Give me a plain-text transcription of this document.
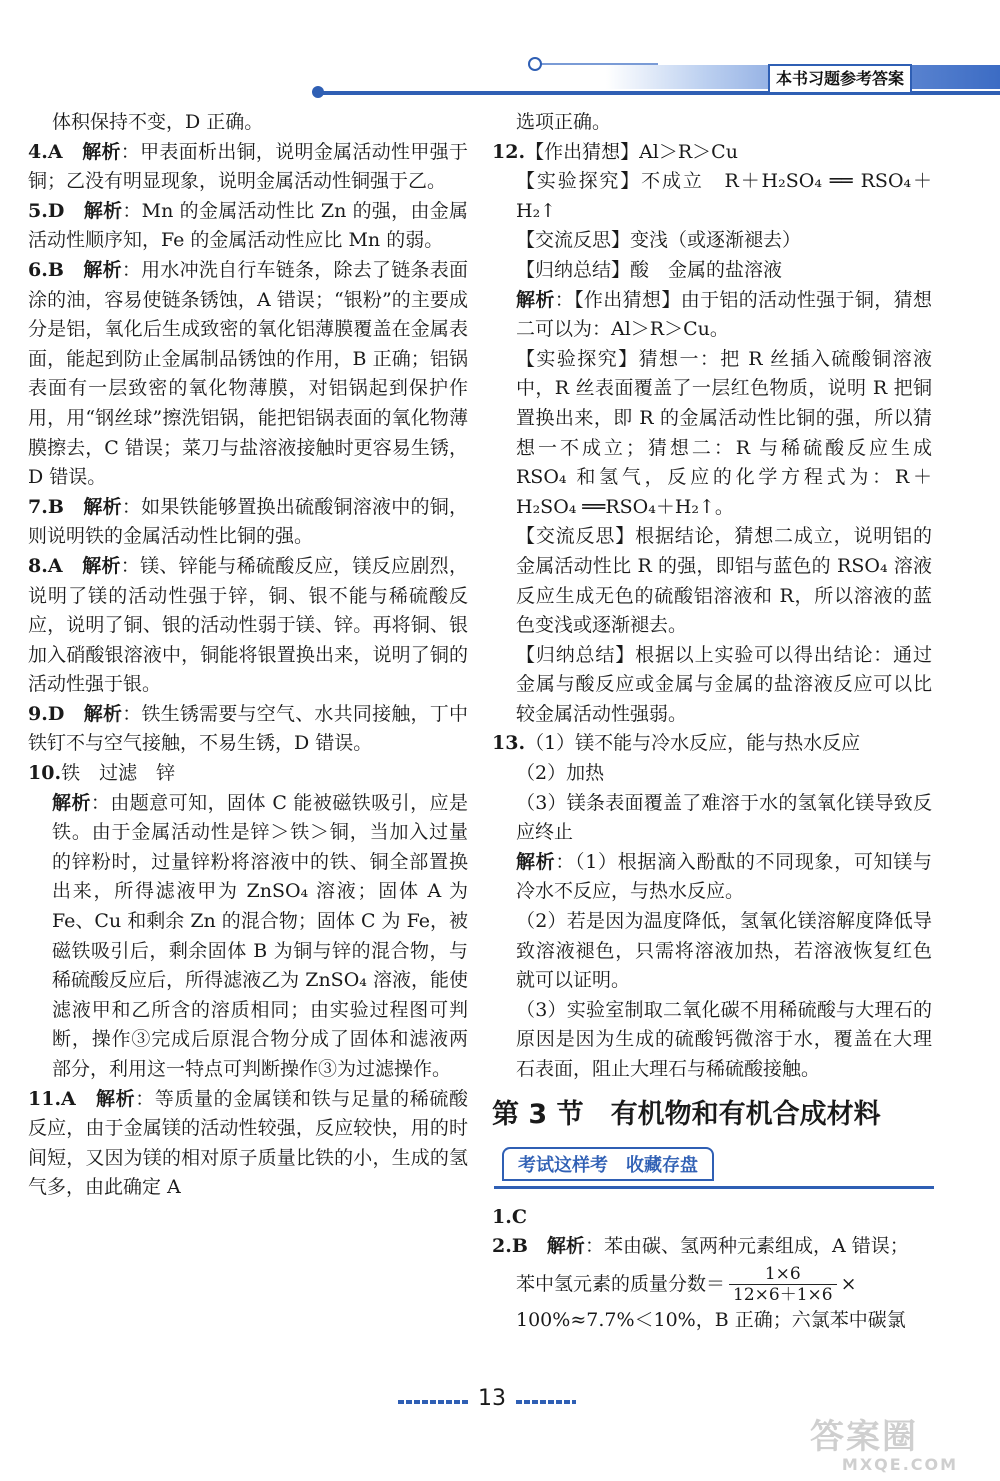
本书习题参考答案

体积保持不变，D 正确。

4.A　 解析：甲表面析出铜，说明金属活动性甲强于铜；乙没有明显现象，说明金属活动性铜强于乙。

5.D　 解析：Mn 的金属活动性比 Zn 的强，由金属活动性顺序知，Fe 的金属活动性应比 Mn 的弱。

6.B　 解析：用水冲洗自行车链条，除去了链条表面涂的油，容易使链条锈蚀，A 错误；“银粉”的主要成分是铝，氧化后生成致密的氧化铝薄膜覆盖在金属表面，能起到防止金属制品锈蚀的作用，B 正确；铝锅表面有一层致密的氧化物薄膜，对铝锅起到保护作用，用“钢丝球”擦洗铝锅，能把铝锅表面的氧化物薄膜擦去，C 错误；菜刀与盐溶液接触时更容易生锈，D 错误。

7.B　 解析：如果铁能够置换出硫酸铜溶液中的铜，则说明铁的金属活动性比铜的强。

8.A　 解析：镁、锌能与稀硫酸反应，镁反应剧烈，说明了镁的活动性强于锌，铜、银不能与稀硫酸反应，说明了铜、银的活动性弱于镁、锌。再将铜、银加入硝酸银溶液中，铜能将银置换出来，说明了铜的活动性强于银。

9.D　 解析：铁生锈需要与空气、水共同接触，丁中铁钉不与空气接触，不易生锈，D 错误。

10.铁　过滤　锌

解析：由题意可知，固体 C 能被磁铁吸引，应是铁。由于金属活动性是锌＞铁＞铜，当加入过量的锌粉时，过量锌粉将溶液中的铁、铜全部置换出来，所得滤液甲为 ZnSO₄ 溶液；固体 A 为 Fe、Cu 和剩余 Zn 的混合物；固体 C 为 Fe，被磁铁吸引后，剩余固体 B 为铜与锌的混合物，与稀硫酸反应后，所得滤液乙为 ZnSO₄ 溶液，能使滤液甲和乙所含的溶质相同；由实验过程图可判断，操作③完成后原混合物分成了固体和滤液两部分，利用这一特点可判断操作③为过滤操作。

11.A　 解析：等质量的金属镁和铁与足量的稀硫酸反应，由于金属镁的活动性较强，反应较快，用的时间短，又因为镁的相对原子质量比铁的小，生成的氢气多，由此确定 A

选项正确。

12.【作出猜想】Al＞R＞Cu

【实验探究】不成立　R＋H₂SO₄ ══ RSO₄＋H₂↑

【交流反思】变浅（或逐渐褪去）

【归纳总结】酸　金属的盐溶液

解析：【作出猜想】由于铝的活动性强于铜，猜想二可以为：Al＞R＞Cu。

【实验探究】猜想一：把 R 丝插入硫酸铜溶液中，R 丝表面覆盖了一层红色物质，说明 R 把铜置换出来，即 R 的金属活动性比铜的强，所以猜想一不成立；猜想二：R 与稀硫酸反应生成 RSO₄ 和氢气，反应的化学方程式为：R＋H₂SO₄ ══RSO₄＋H₂↑。

【交流反思】根据结论，猜想二成立，说明铝的金属活动性比 R 的强，即铝与蓝色的 RSO₄ 溶液反应生成无色的硫酸铝溶液和 R，所以溶液的蓝色变浅或逐渐褪去。

【归纳总结】根据以上实验可以得出结论：通过金属与酸反应或金属与金属的盐溶液反应可以比较金属活动性强弱。

13.（1）镁不能与冷水反应，能与热水反应

（2）加热

（3）镁条表面覆盖了难溶于水的氢氧化镁导致反应终止

解析：（1）根据滴入酚酞的不同现象，可知镁与冷水不反应，与热水反应。

（2）若是因为温度降低，氢氧化镁溶解度降低导致溶液褪色，只需将溶液加热，若溶液恢复红色就可以证明。

（3）实验室制取二氧化碳不用稀硫酸与大理石的原因是因为生成的硫酸钙微溶于水，覆盖在大理石表面，阻止大理石与稀硫酸接触。

第 3 节　有机物和有机合成材料
考试这样考　收藏存盘

1.C

2.B　 解析：苯由碳、氢两种元素组成，A 错误；

苯中氢元素的质量分数＝ $\frac{1\times 6}{12\times 6+1\times 6}$ ×

100%≈7.7%＜10%，B 正确；六氯苯中碳氯

13
答案圈
MXQE.COM
